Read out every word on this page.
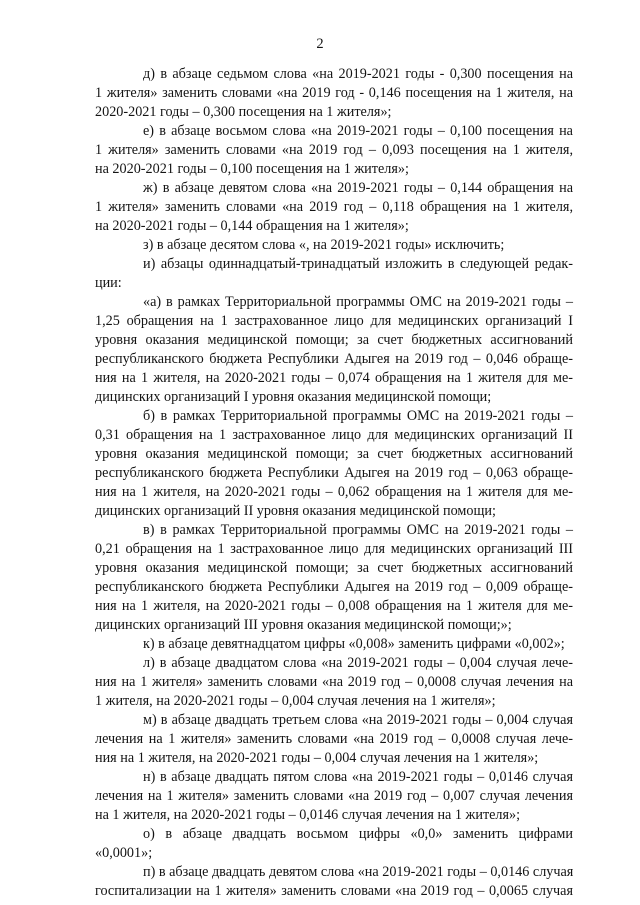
2
д) в абзаце седьмом слова «на 2019-2021 годы - 0,300 посещения на
1 жителя» заменить словами «на 2019 год - 0,146 посещения на 1 жителя, на
2020-2021 годы – 0,300 посещения на 1 жителя»;
е) в абзаце восьмом слова «на 2019-2021 годы – 0,100 посещения на
1 жителя» заменить словами «на 2019 год – 0,093 посещения на 1 жителя,
на 2020-2021 годы – 0,100 посещения на 1 жителя»;
ж) в абзаце девятом слова «на 2019-2021 годы – 0,144 обращения на
1 жителя» заменить словами «на 2019 год – 0,118 обращения на 1 жителя,
на 2020-2021 годы – 0,144 обращения на 1 жителя»;
з) в абзаце десятом слова «, на 2019-2021 годы» исключить;
и) абзацы одиннадцатый-тринадцатый изложить в следующей редак-
ции:
«а) в рамках Территориальной программы ОМС на 2019-2021 годы –
1,25 обращения на 1 застрахованное лицо для медицинских организаций I
уровня оказания медицинской помощи; за счет бюджетных ассигнований
республиканского бюджета Республики Адыгея на 2019 год – 0,046 обраще-
ния на 1 жителя, на 2020-2021 годы – 0,074 обращения на 1 жителя для ме-
дицинских организаций I уровня оказания медицинской помощи;
б) в рамках Территориальной программы ОМС на 2019-2021 годы –
0,31 обращения на 1 застрахованное лицо для медицинских организаций II
уровня оказания медицинской помощи; за счет бюджетных ассигнований
республиканского бюджета Республики Адыгея на 2019 год – 0,063 обраще-
ния на 1 жителя, на 2020-2021 годы – 0,062 обращения на 1 жителя для ме-
дицинских организаций II уровня оказания медицинской помощи;
в) в рамках Территориальной программы ОМС на 2019-2021 годы –
0,21 обращения на 1 застрахованное лицо для медицинских организаций III
уровня оказания медицинской помощи; за счет бюджетных ассигнований
республиканского бюджета Республики Адыгея на 2019 год – 0,009 обраще-
ния на 1 жителя, на 2020-2021 годы – 0,008 обращения на 1 жителя для ме-
дицинских организаций III уровня оказания медицинской помощи;»;
к) в абзаце девятнадцатом цифры «0,008» заменить цифрами «0,002»;
л) в абзаце двадцатом слова «на 2019-2021 годы – 0,004 случая лече-
ния на 1 жителя» заменить словами «на 2019 год – 0,0008 случая лечения на
1 жителя, на 2020-2021 годы – 0,004 случая лечения на 1 жителя»;
м) в абзаце двадцать третьем слова «на 2019-2021 годы – 0,004 случая
лечения на 1 жителя» заменить словами «на 2019 год – 0,0008 случая лече-
ния на 1 жителя, на 2020-2021 годы – 0,004 случая лечения на 1 жителя»;
н) в абзаце двадцать пятом слова «на 2019-2021 годы – 0,0146 случая
лечения на 1 жителя» заменить словами «на 2019 год – 0,007 случая лечения
на 1 жителя, на 2020-2021 годы – 0,0146 случая лечения на 1 жителя»;
о) в абзаце двадцать восьмом цифры «0,0» заменить цифрами
«0,0001»;
п) в абзаце двадцать девятом слова «на 2019-2021 годы – 0,0146 случая
госпитализации на 1 жителя» заменить словами «на 2019 год – 0,0065 случая
